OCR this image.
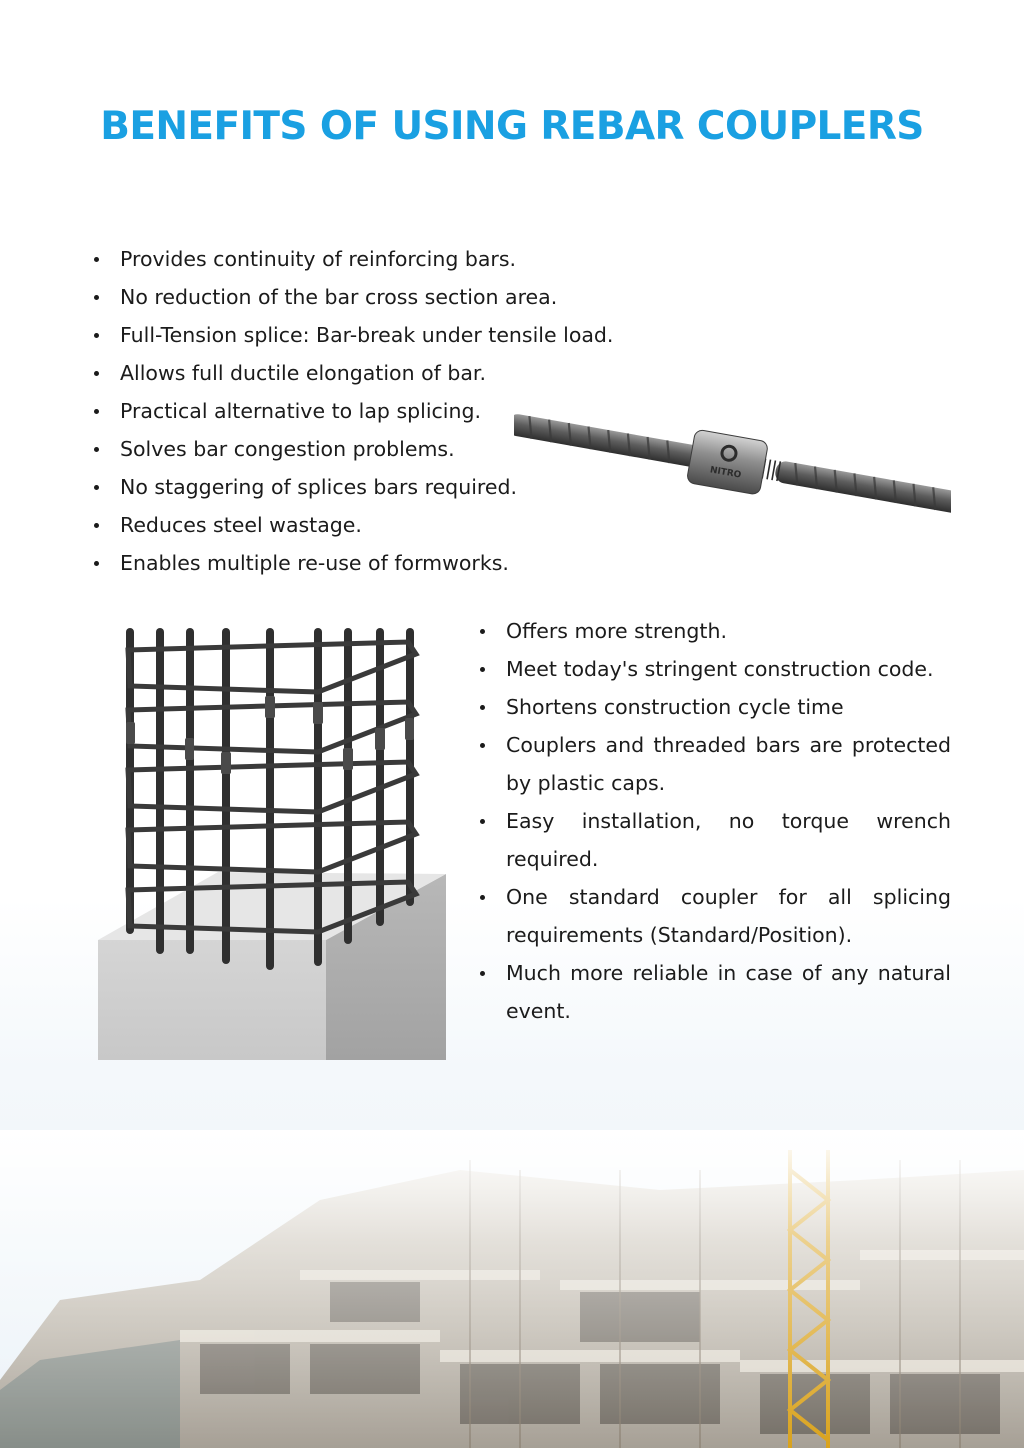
BENEFITS OF USING REBAR COUPLERS
Provides continuity of reinforcing bars.
No reduction of the bar cross section area.
Full-Tension splice: Bar-break under tensile load.
Allows full ductile elongation of bar.
Practical alternative to lap splicing.
Solves bar congestion problems.
No staggering of splices bars required.
Reduces steel wastage.
Enables multiple re-use of formworks.
NITRO
Offers more strength.
Meet today's stringent construction code.
Shortens construction cycle time
Couplers and threaded bars are protected by plastic caps.
Easy installation, no torque wrench required.
One standard coupler for all splicing requirements (Standard/Position).
Much more reliable in case of any natural event.
